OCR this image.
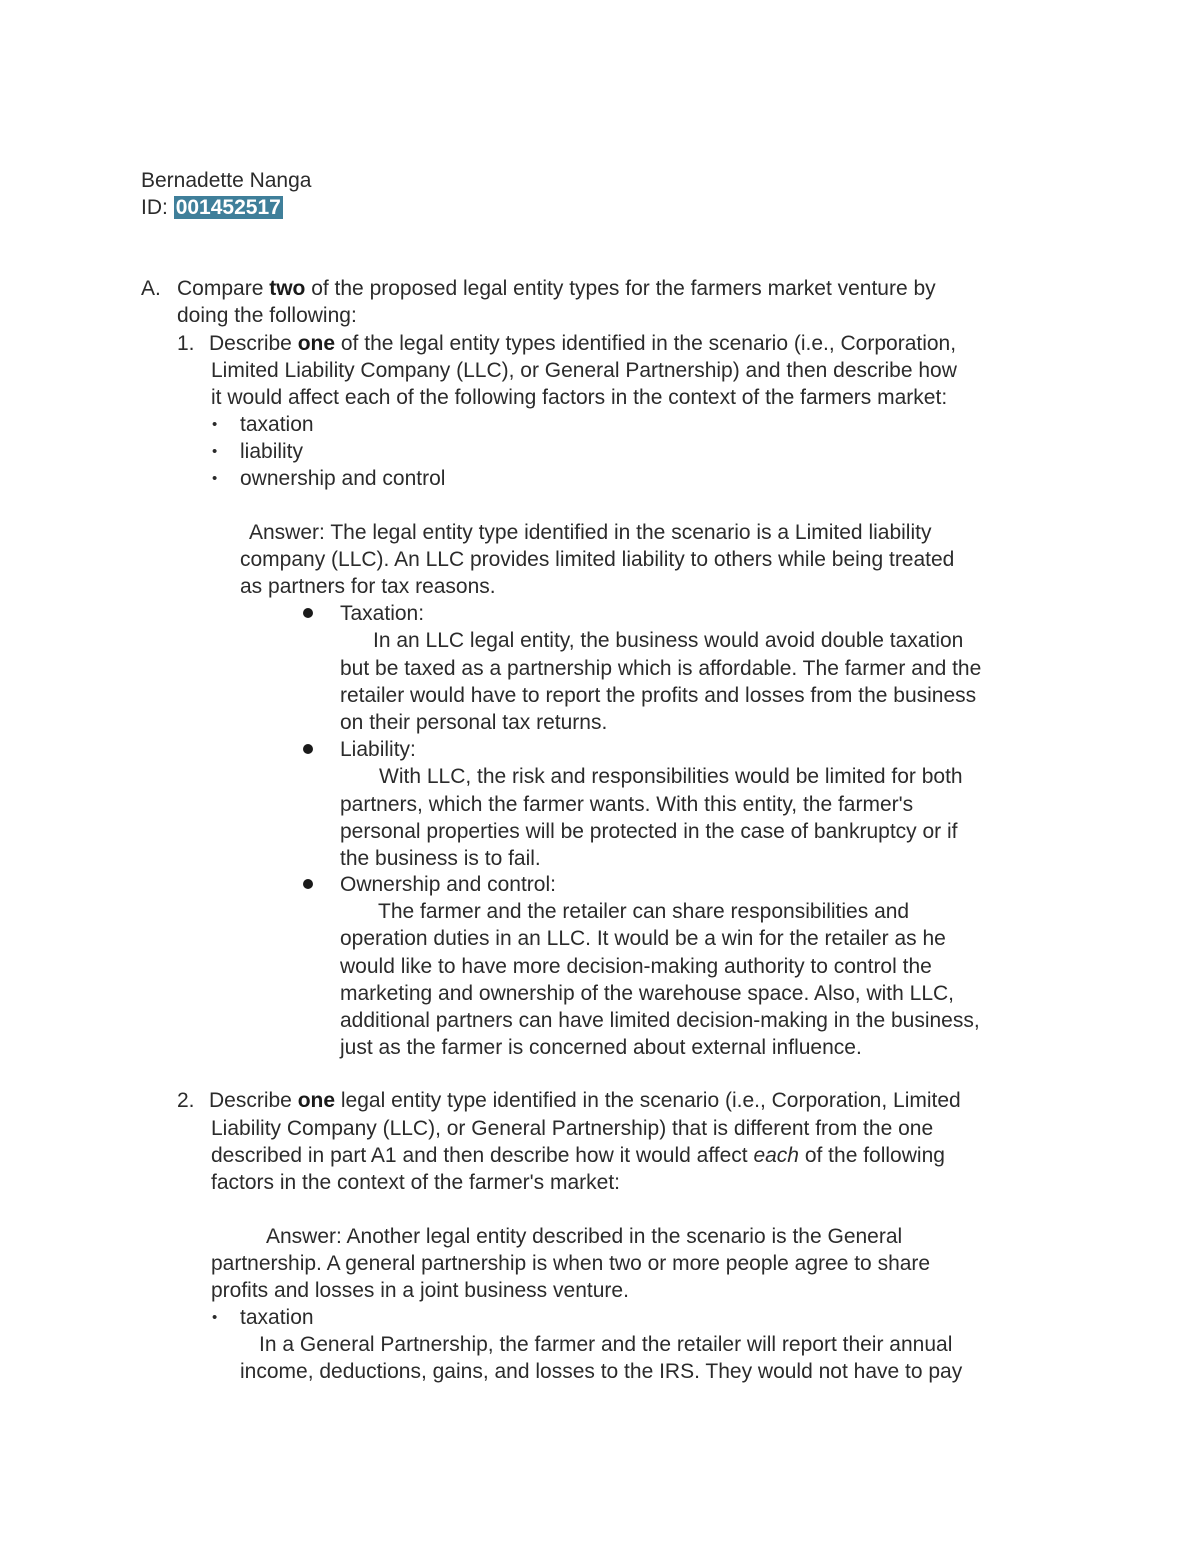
Bernadette Nanga
ID: 001452517
A. Compare two of the proposed legal entity types for the farmers market venture by
doing the following:
1. Describe one of the legal entity types identified in the scenario (i.e., Corporation,
Limited Liability Company (LLC), or General Partnership) and then describe how
it would affect each of the following factors in the context of the farmers market:
• taxation
• liability
• ownership and control
Answer: The legal entity type identified in the scenario is a Limited liability
company (LLC). An LLC provides limited liability to others while being treated
as partners for tax reasons.
Taxation:
In an LLC legal entity, the business would avoid double taxation
but be taxed as a partnership which is affordable. The farmer and the
retailer would have to report the profits and losses from the business
on their personal tax returns.
Liability:
With LLC, the risk and responsibilities would be limited for both
partners, which the farmer wants. With this entity, the farmer's
personal properties will be protected in the case of bankruptcy or if
the business is to fail.
Ownership and control:
The farmer and the retailer can share responsibilities and
operation duties in an LLC. It would be a win for the retailer as he
would like to have more decision-making authority to control the
marketing and ownership of the warehouse space. Also, with LLC,
additional partners can have limited decision-making in the business,
just as the farmer is concerned about external influence.
2. Describe one legal entity type identified in the scenario (i.e., Corporation, Limited
Liability Company (LLC), or General Partnership) that is different from the one
described in part A1 and then describe how it would affect each of the following
factors in the context of the farmer's market:
Answer: Another legal entity described in the scenario is the General
partnership. A general partnership is when two or more people agree to share
profits and losses in a joint business venture.
• taxation
In a General Partnership, the farmer and the retailer will report their annual
income, deductions, gains, and losses to the IRS. They would not have to pay
